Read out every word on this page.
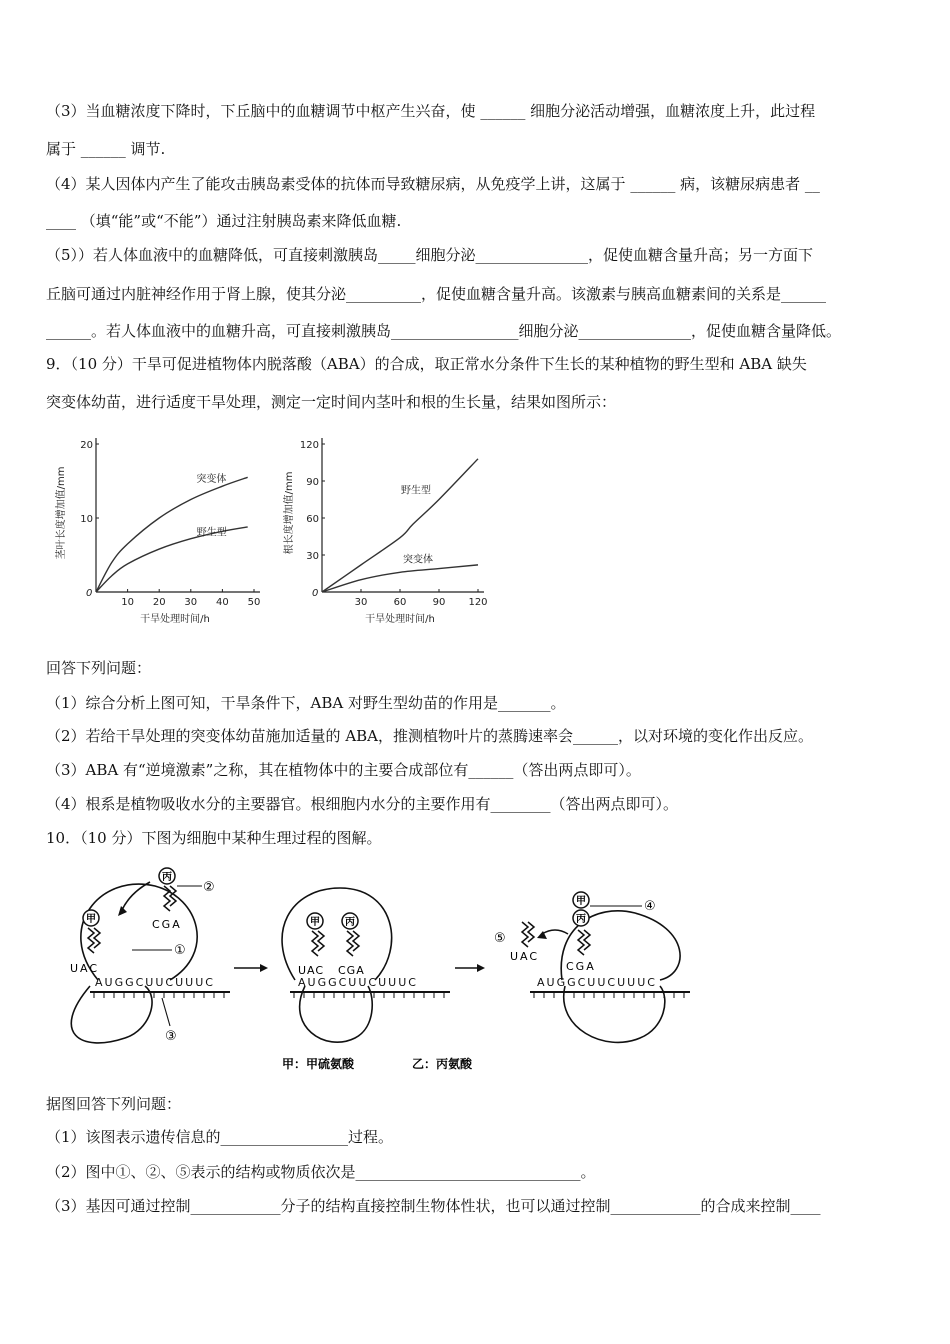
（3）当血糖浓度下降时，下丘脑中的血糖调节中枢产生兴奋，使 ______ 细胞分泌活动增强，血糖浓度上升，此过程
属于 ______ 调节.
（4）某人因体内产生了能攻击胰岛素受体的抗体而导致糖尿病，从免疫学上讲，这属于 ______ 病，该糖尿病患者 __
____ （填“能”或“不能”）通过注射胰岛素来降低血糖.
（5））若人体血液中的血糖降低，可直接刺激胰岛_____细胞分泌_______________，促使血糖含量升高；另一方面下
丘脑可通过内脏神经作用于肾上腺，使其分泌__________，促使血糖含量升高。该激素与胰高血糖素间的关系是______
______。若人体血液中的血糖升高，可直接刺激胰岛_________________细胞分泌_______________，促使血糖含量降低。
9．（10 分）干旱可促进植物体内脱落酸（ABA）的合成，取正常水分条件下生长的某种植物的野生型和 ABA 缺失
突变体幼苗，进行适度干旱处理，测定一定时间内茎叶和根的生长量，结果如图所示：
茎叶长度增加值/mm
0
10 20 30 40 50
10
20
突变体
野生型
干旱处理时间/h
根长度增加值/mm
0
30	60	90 120
30
60
90
120
野生型
突变体
干旱处理时间/h
回答下列问题：
（1）综合分析上图可知，干旱条件下，ABA 对野生型幼苗的作用是_______。
（2）若给干旱处理的突变体幼苗施加适量的 ABA，推测植物叶片的蒸腾速率会______，以对环境的变化作出反应。
（3）ABA 有“逆境激素”之称，其在植物体中的主要合成部位有______（答出两点即可）。
（4）根系是植物吸收水分的主要器官。根细胞内水分的主要作用有________（答出两点即可）。
10．（10 分）下图为细胞中某种生理过程的图解。
AUGGCUUCUUUC	AUGGCUUCUUUC	AUGGCUUCUUUC
甲
丙
甲	丙
甲
丙
UAC
CGA
UAC CGA
UAC
CGA
②
①
③
④
⑤
甲：甲硫氨酸	乙：丙氨酸
据图回答下列问题：
（1）该图表示遗传信息的_________________过程。
（2）图中①、②、⑤表示的结构或物质依次是______________________________。
（3）基因可通过控制____________分子的结构直接控制生物体性状，也可以通过控制____________的合成来控制____
